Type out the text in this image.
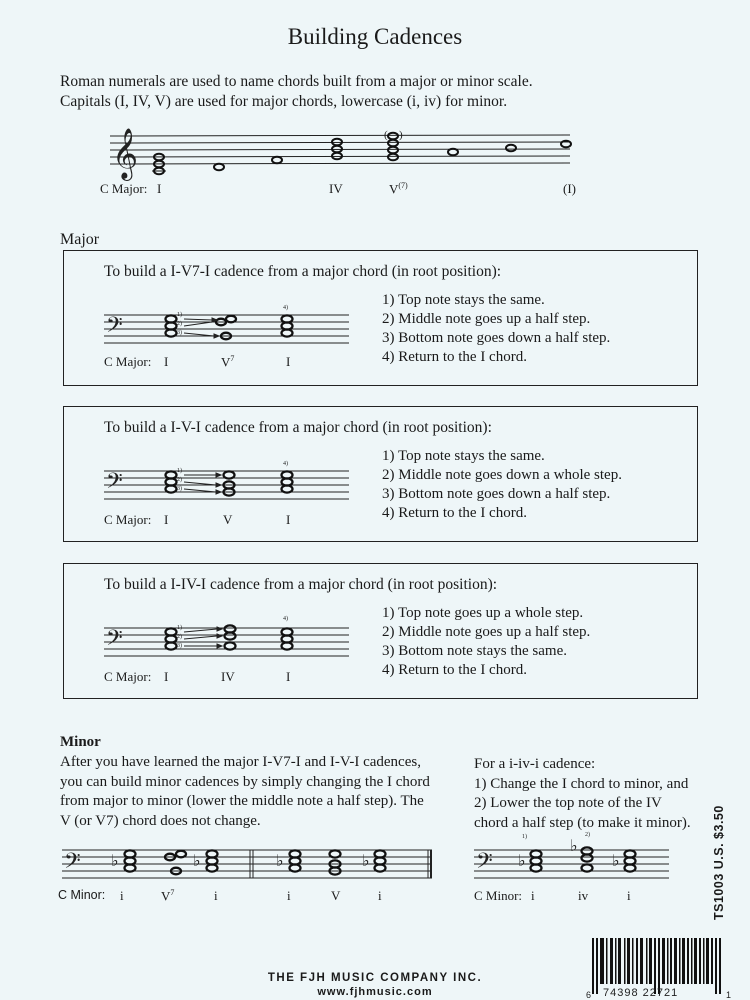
Building Cadences
Roman numerals are used to name chords built from a major or minor scale.
Capitals (I, IV, V) are used for major chords, lowercase (i, iv) for minor.
𝄞	( )
C Major: I	IV	$V^{(7)}$	(I)
Major
To build a I-V7-I cadence from a major chord (in root position):
𝄢	1)
2)
3)
4)
C Major: I	$V^7$	I
1) Top note stays the same.
2) Middle note goes up a half step.
3) Bottom note goes down a half step.
4) Return to the I chord.
To build a I-V-I cadence from a major chord (in root position):
𝄢	1)
2)
3)
4)
C Major: I	V	I
1) Top note stays the same.
2) Middle note goes down a whole step.
3) Bottom note goes down a half step.
4) Return to the I chord.
To build a I-IV-I cadence from a major chord (in root position):
𝄢	1)
2)
3)
4)
C Major: I	IV	I
1) Top note goes up a whole step.
2) Middle note goes up a half step.
3) Bottom note stays the same.
4) Return to the I chord.
Minor
After you have learned the major I-V7-I and I-V-I cadences,
you can build minor cadences by simply changing the I chord
from major to minor (lower the middle note a half step). The
V (or V7) chord does not change.
For a i-iv-i cadence:
1) Change the I chord to minor, and
2) Lower the top note of the IV
chord a half step (to make it minor).
𝄢 ♭	♭	♭	♭
C Minor: i	$V^7$	i	i	V	i
𝄢 ♭
♭
♭
1)	2)
C Minor: i	iv	i	TS1003 U.S. $3.50
THE FJH MUSIC COMPANY INC.
www.fjhmusic.com	6 74398 22721	1
